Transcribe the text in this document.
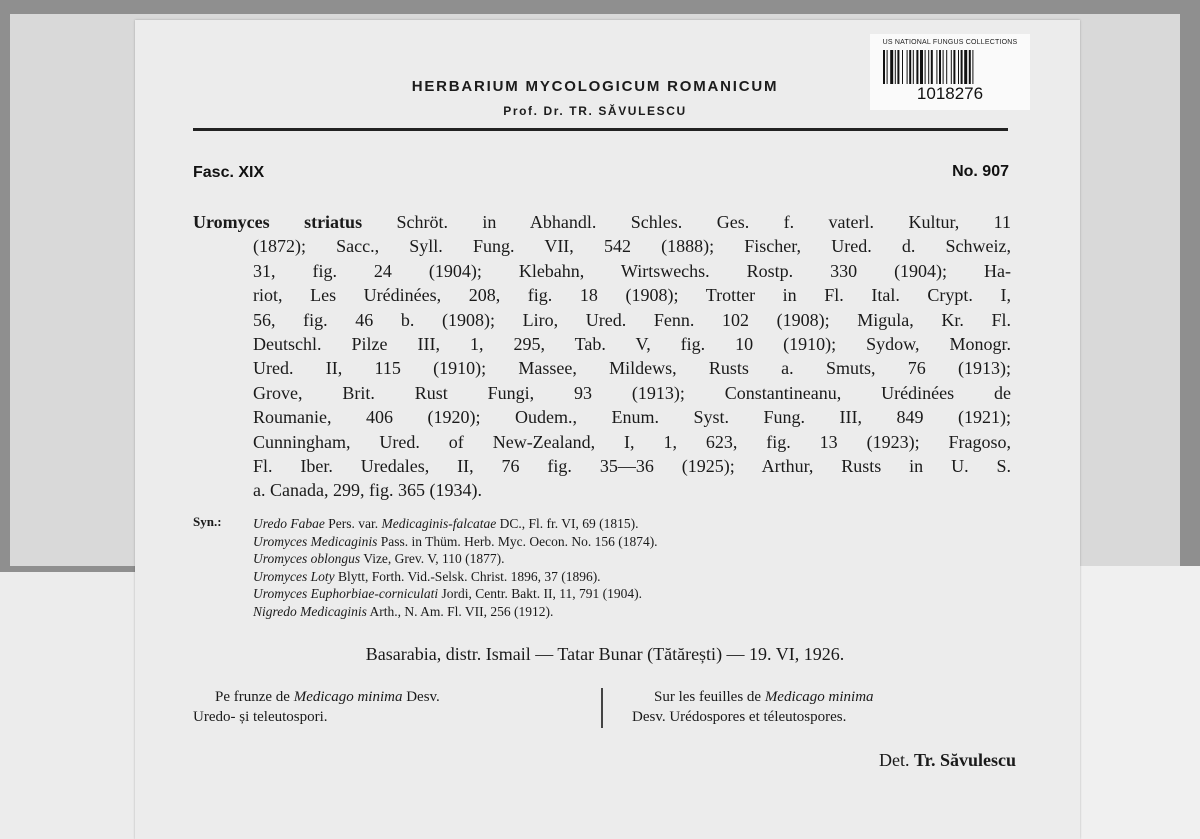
HERBARIUM MYCOLOGICUM ROMANICUM
Prof. Dr. TR. SĂVULESCU
Fasc. XIX	No. 907
Uromyces striatus Schröt. in Abhandl. Schles. Ges. f. vaterl. Kultur, 11
(1872); Sacc., Syll. Fung. VII, 542 (1888); Fischer, Ured. d. Schweiz,
31, fig. 24 (1904); Klebahn, Wirtswechs. Rostp. 330 (1904); Ha-
riot, Les Urédinées, 208, fig. 18 (1908); Trotter in Fl. Ital. Crypt. I,
56, fig. 46 b. (1908); Liro, Ured. Fenn. 102 (1908); Migula, Kr. Fl.
Deutschl. Pilze III, 1, 295, Tab. V, fig. 10 (1910); Sydow, Monogr.
Ured. II, 115 (1910); Massee, Mildews, Rusts a. Smuts, 76 (1913);
Grove, Brit. Rust Fungi, 93 (1913); Constantineanu, Urédinées de
Roumanie, 406 (1920); Oudem., Enum. Syst. Fung. III, 849 (1921);
Cunningham, Ured. of New-Zealand, I, 1, 623, fig. 13 (1923); Fragoso,
Fl. Iber. Uredales, II, 76 fig. 35—36 (1925); Arthur, Rusts in U. S.
a. Canada, 299, fig. 365 (1934).
Syn.: Uredo Fabae Pers. var. Medicaginis-falcatae DC., Fl. fr. VI, 69 (1815).
Uromyces Medicaginis Pass. in Thüm. Herb. Myc. Oecon. No. 156 (1874).
Uromyces oblongus Vize, Grev. V, 110 (1877).
Uromyces Loty Blytt, Forth. Vid.-Selsk. Christ. 1896, 37 (1896).
Uromyces Euphorbiae-corniculati Jordi, Centr. Bakt. II, 11, 791 (1904).
Nigredo Medicaginis Arth., N. Am. Fl. VII, 256 (1912).
Basarabia, distr. Ismail — Tatar Bunar (Tătărești) — 19. VI, 1926.
Pe frunze de Medicago minima Desv.
Uredo- și teleutospori.
Sur les feuilles de Medicago minima
Desv. Urédospores et téleutospores.
Det. Tr. Săvulescu
US NATIONAL FUNGUS COLLECTIONS
1018276
